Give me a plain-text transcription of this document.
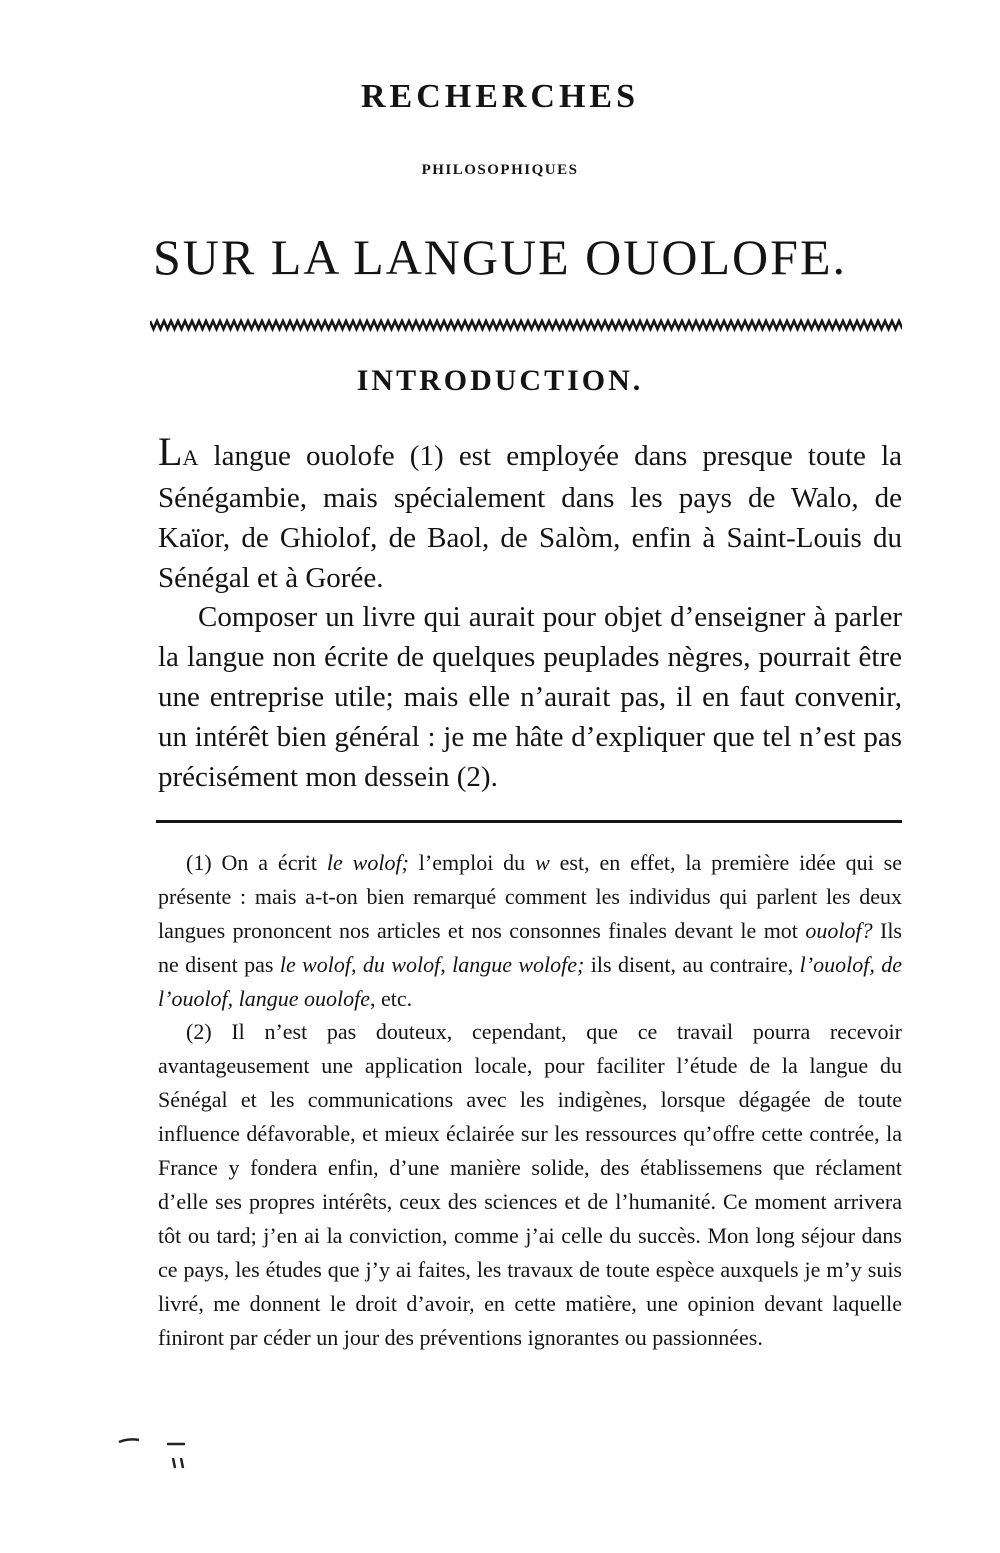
RECHERCHES
PHILOSOPHIQUES
SUR LA LANGUE OUOLOFE.
INTRODUCTION.

LA langue ouolofe (1) est employée dans presque toute la Sénégambie, mais spécialement dans les pays de Walo, de Kaïor, de Ghiolof, de Baol, de Salòm, enfin à Saint-Louis du Sénégal et à Gorée.

Composer un livre qui aurait pour objet d’enseigner à parler la langue non écrite de quelques peuplades nègres, pourrait être une entreprise utile; mais elle n’aurait pas, il en faut convenir, un intérêt bien général : je me hâte d’expliquer que tel n’est pas précisément mon dessein (2).

(1) On a écrit le wolof; l’emploi du w est, en effet, la première idée qui se présente : mais a-t-on bien remarqué comment les individus qui parlent les deux langues prononcent nos articles et nos consonnes finales devant le mot ouolof? Ils ne disent pas le wolof, du wolof, langue wolofe; ils disent, au contraire, l’ouolof, de l’ouolof, langue ouolofe, etc.

(2) Il n’est pas douteux, cependant, que ce travail pourra recevoir avantageusement une application locale, pour faciliter l’étude de la langue du Sénégal et les communications avec les indigènes, lorsque dégagée de toute influence défavorable, et mieux éclairée sur les ressources qu’offre cette contrée, la France y fondera enfin, d’une manière solide, des établissemens que réclament d’elle ses propres intérêts, ceux des sciences et de l’humanité. Ce moment arrivera tôt ou tard; j’en ai la conviction, comme j’ai celle du succès. Mon long séjour dans ce pays, les études que j’y ai faites, les travaux de toute espèce auxquels je m’y suis livré, me donnent le droit d’avoir, en cette matière, une opinion devant laquelle finiront par céder un jour des préventions ignorantes ou passionnées.
